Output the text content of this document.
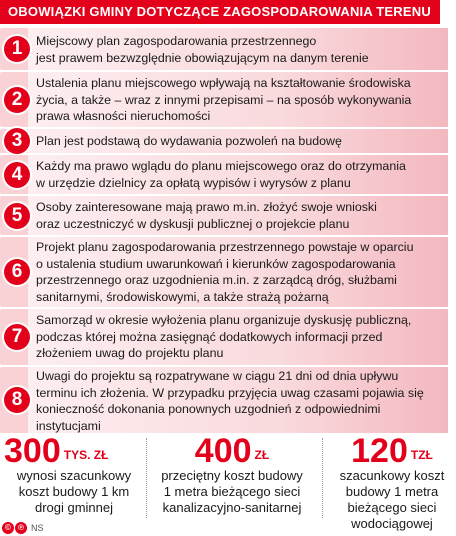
OBOWIĄZKI GMINY DOTYCZĄCE ZAGOSPODAROWANIA TERENU
1	Miejscowy plan zagospodarowania przestrzennego
jest prawem bezwzględnie obowiązującym na danym terenie
2
Ustalenia planu miejscowego wpływają na kształtowanie środowiska
życia, a także – wraz z innymi przepisami – na sposób wykonywania
prawa własności nieruchomości
3	Plan jest podstawą do wydawania pozwoleń na budowę
4	Każdy ma prawo wglądu do planu miejscowego oraz do otrzymania
w urzędzie dzielnicy za opłatą wypisów i wyrysów z planu
5	Osoby zainteresowane mają prawo m.in. złożyć swoje wnioski
oraz uczestniczyć w dyskusji publicznej o projekcie planu
6
Projekt planu zagospodarowania przestrzennego powstaje w oparciu
o ustalenia studium uwarunkowań i kierunków zagospodarowania
przestrzennego oraz uzgodnienia m.in. z zarządcą dróg, służbami
sanitarnymi, środowiskowymi, a także strażą pożarną
7
Samorząd w okresie wyłożenia planu organizuje dyskusję publiczną,
podczas której można zasięgnąć dodatkowych informacji przed
złożeniem uwag do projektu planu
8
Uwagi do projektu są rozpatrywane w ciągu 21 dni od dnia upływu
terminu ich złożenia. W przypadku przyjęcia uwag czasami pojawia się
konieczność dokonania ponownych uzgodnień z odpowiednimi
instytucjami
300 $^{TYS. ZŁ}$
wynosi szacunkowy
koszt budowy 1 km
drogi gminnej
400 $^{ZŁ}$
przeciętny koszt budowy
1 metra bieżącego sieci
kanalizacyjno-sanitarnej
120 $^{TZŁ}$
szacunkowy koszt
budowy 1 metra
bieżącego sieci
wodociągowej
© ℗ NS
